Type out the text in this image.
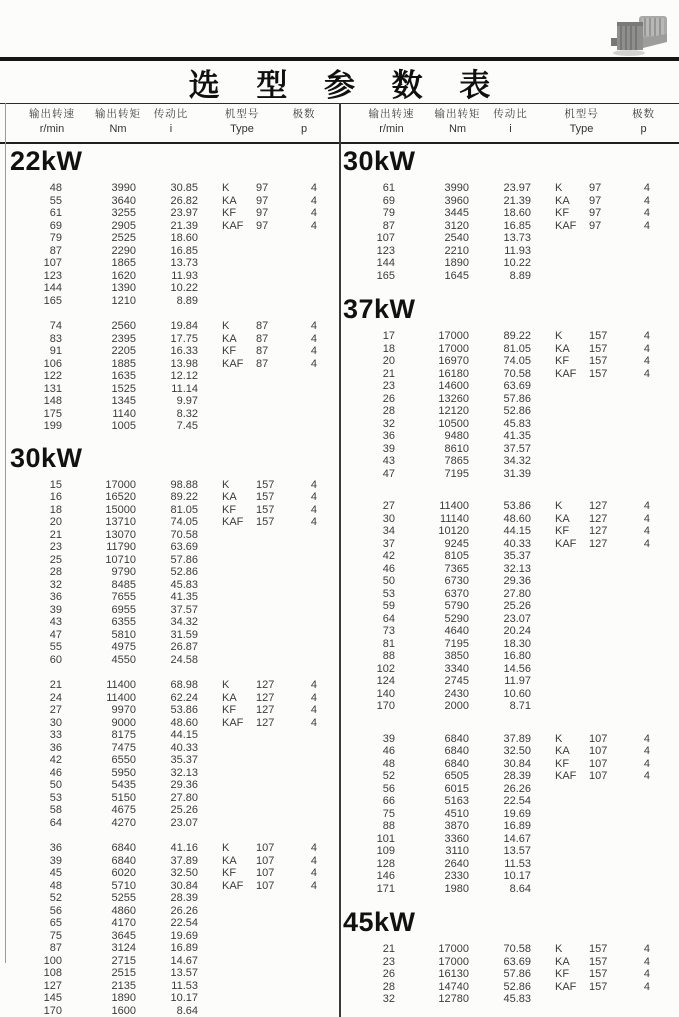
选 型 参 数 表
输出转速
r/min
输出转矩
Nm
传动比
i
机型号
Type
极数
p
输出转速
r/min
输出转矩
Nm
传动比
i
机型号
Type
极数
p
22kW
48	3990	30.85 K	97	4
55	3640	26.82 KA	97	4
61	3255	23.97 KF	97	4
69	2905	21.39 KAF	97	4
79	2525	18.60
87	2290	16.85
107	1865	13.73
123	1620	11.93
144	1390	10.22
165	1210	8.89
74	2560	19.84 K	87	4
83	2395	17.75 KA	87	4
91	2205	16.33 KF	87	4
106	1885	13.98 KAF	87	4
122	1635	12.12
131	1525	11.14
148	1345	9.97
175	1140	8.32
199	1005	7.45
30kW
15	17000	98.88 K	157	4
16	16520	89.22 KA	157	4
18	15000	81.05 KF	157	4
20	13710	74.05 KAF	157	4
21	13070	70.58
23	11790	63.69
25	10710	57.86
28	9790	52.86
32	8485	45.83
36	7655	41.35
39	6955	37.57
43	6355	34.32
47	5810	31.59
55	4975	26.87
60	4550	24.58
21	11400	68.98 K	127	4
24	11400	62.24 KA	127	4
27	9970	53.86 KF	127	4
30	9000	48.60 KAF	127	4
33	8175	44.15
36	7475	40.33
42	6550	35.37
46	5950	32.13
50	5435	29.36
53	5150	27.80
58	4675	25.26
64	4270	23.07
36	6840	41.16 K	107	4
39	6840	37.89 KA	107	4
45	6020	32.50 KF	107	4
48	5710	30.84 KAF	107	4
52	5255	28.39
56	4860	26.26
65	4170	22.54
75	3645	19.69
87	3124	16.89
100	2715	14.67
108	2515	13.57
127	2135	11.53
145	1890	10.17
170	1600	8.64
30kW
61	3990	23.97 K	97	4
69	3960	21.39 KA	97	4
79	3445	18.60 KF	97	4
87	3120	16.85 KAF	97	4
107	2540	13.73
123	2210	11.93
144	1890	10.22
165	1645	8.89
37kW
17	17000	89.22 K	157	4
18	17000	81.05 KA	157	4
20	16970	74.05 KF	157	4
21	16180	70.58 KAF	157	4
23	14600	63.69
26	13260	57.86
28	12120	52.86
32	10500	45.83
36	9480	41.35
39	8610	37.57
43	7865	34.32
47	7195	31.39
27	11400	53.86 K	127	4
30	11140	48.60 KA	127	4
34	10120	44.15 KF	127	4
37	9245	40.33 KAF	127	4
42	8105	35.37
46	7365	32.13
50	6730	29.36
53	6370	27.80
59	5790	25.26
64	5290	23.07
73	4640	20.24
81	7195	18.30
88	3850	16.80
102	3340	14.56
124	2745	11.97
140	2430	10.60
170	2000	8.71
39	6840	37.89 K	107	4
46	6840	32.50 KA	107	4
48	6840	30.84 KF	107	4
52	6505	28.39 KAF	107	4
56	6015	26.26
66	5163	22.54
75	4510	19.69
88	3870	16.89
101	3360	14.67
109	3110	13.57
128	2640	11.53
146	2330	10.17
171	1980	8.64
45kW
21	17000	70.58 K	157	4
23	17000	63.69 KA	157	4
26	16130	57.86 KF	157	4
28	14740	52.86 KAF	157	4
32	12780	45.83
